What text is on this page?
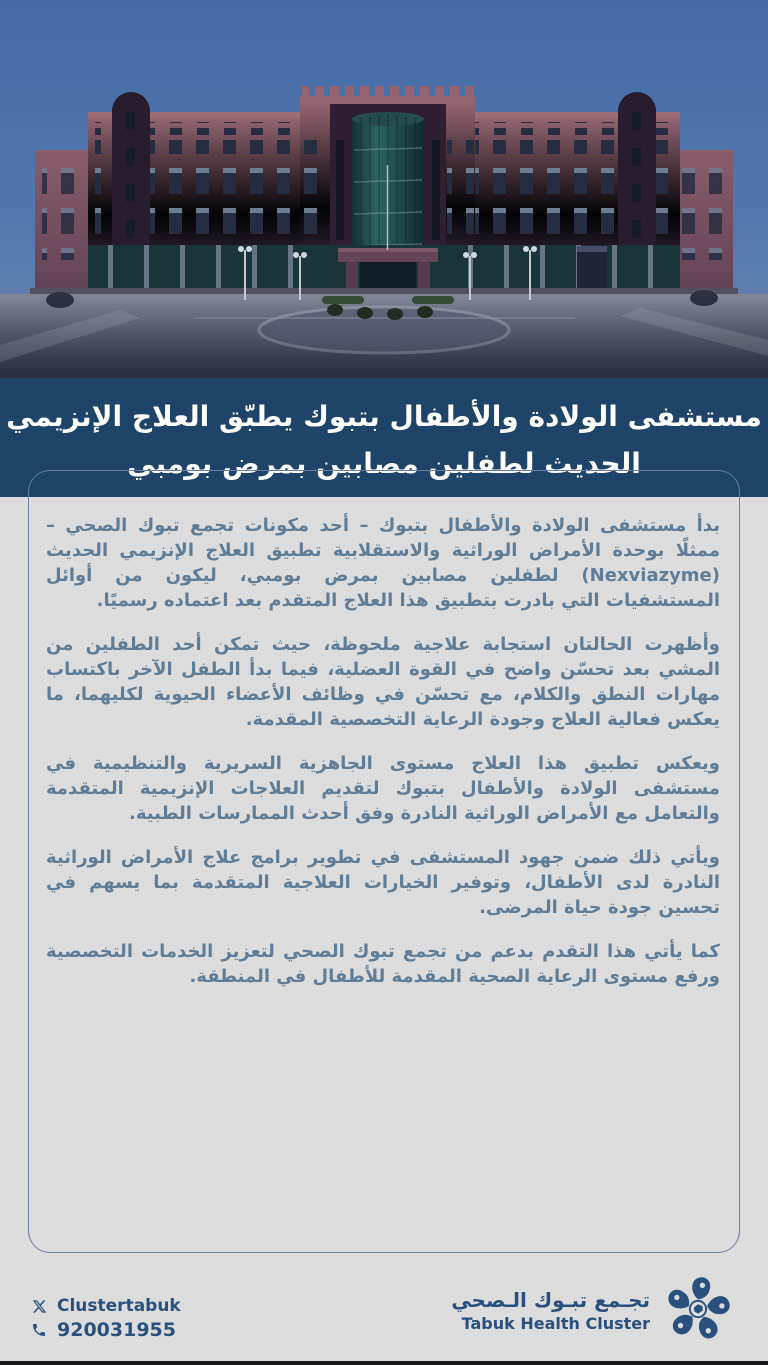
مستشفى الولادة والأطفال بتبوك يطبّق العلاج الإنزيمي
الحديث لطفلين مصابين بمرض بومبي

بدأ مستشفى الولادة والأطفال بتبوك – أحد مكونات تجمع تبوك الصحي – ممثلًا بوحدة الأمراض الوراثية والاستقلابية تطبيق العلاج الإنزيمي الحديث (Nexviazyme) لطفلين مصابين بمرض بومبي، ليكون من أوائل المستشفيات التي بادرت بتطبيق هذا العلاج المتقدم بعد اعتماده رسميًا.

وأظهرت الحالتان استجابة علاجية ملحوظة، حيث تمكن أحد الطفلين من المشي بعد تحسّن واضح في القوة العضلية، فيما بدأ الطفل الآخر باكتساب مهارات النطق والكلام، مع تحسّن في وظائف الأعضاء الحيوية لكليهما، ما يعكس فعالية العلاج وجودة الرعاية التخصصية المقدمة.

ويعكس تطبيق هذا العلاج مستوى الجاهزية السريرية والتنظيمية في مستشفى الولادة والأطفال بتبوك لتقديم العلاجات الإنزيمية المتقدمة والتعامل مع الأمراض الوراثية النادرة وفق أحدث الممارسات الطبية.

ويأتي ذلك ضمن جهود المستشفى في تطوير برامج علاج الأمراض الوراثية النادرة لدى الأطفال، وتوفير الخيارات العلاجية المتقدمة بما يسهم في تحسين جودة حياة المرضى.

كما يأتي هذا التقدم بدعم من تجمع تبوك الصحي لتعزيز الخدمات التخصصية ورفع مستوى الرعاية الصحية المقدمة للأطفال في المنطقة.

Clustertabuk
920031955
تجـمع تبـوك الـصحي
Tabuk Health Cluster
